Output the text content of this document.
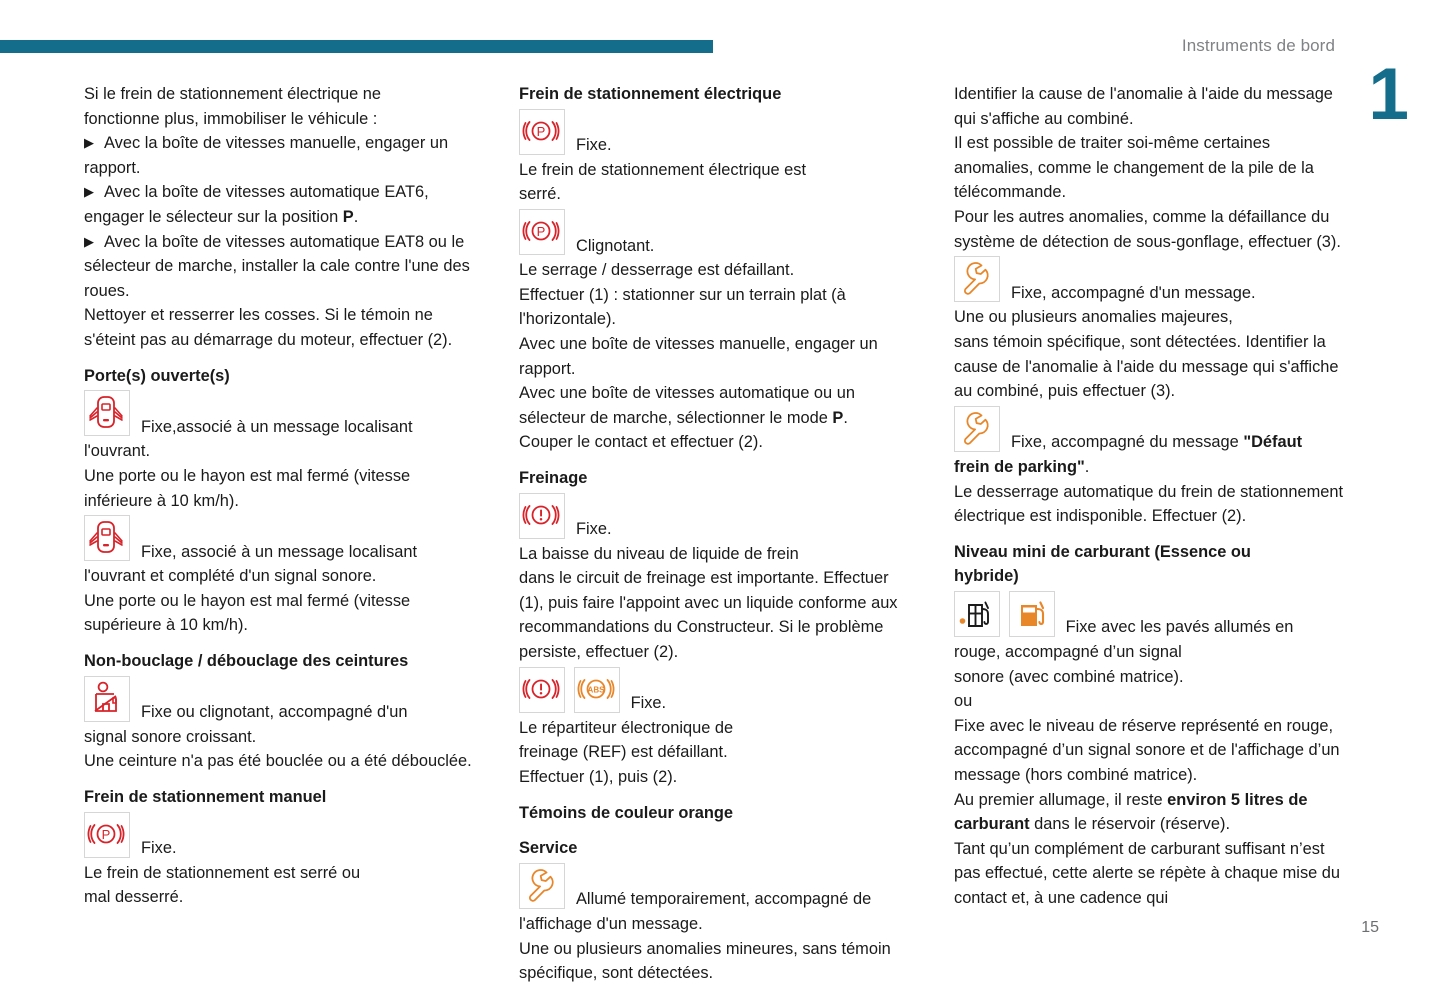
Instruments de bord
1

Si le frein de stationnement électrique ne

fonctionne plus, immobiliser le véhicule :

▶ Avec la boîte de vitesses manuelle, engager un rapport.

▶ Avec la boîte de vitesses automatique EAT6, engager le sélecteur sur la position P.

▶ Avec la boîte de vitesses automatique EAT8 ou le sélecteur de marche, installer la cale contre l'une des roues.

Nettoyer et resserrer les cosses. Si le témoin ne s'éteint pas au démarrage du moteur, effectuer (2).

Porte(s) ouverte(s)
Fixe,associé à un message localisant
l'ouvrant.

Une porte ou le hayon est mal fermé (vitesse inférieure à 10 km/h).

Fixe, associé à un message localisant
l'ouvrant et complété d'un signal sonore.

Une porte ou le hayon est mal fermé (vitesse supérieure à 10 km/h).

Non-bouclage / débouclage des ceintures
Fixe ou clignotant, accompagné d'un
signal sonore croissant.

Une ceinture n'a pas été bouclée ou a été débouclée.

Frein de stationnement manuel
P
Fixe.
Le frein de stationnement est serré ou

mal desserré.

Frein de stationnement électrique
P
Fixe.
Le frein de stationnement électrique est

serré.

P
Clignotant.
Le serrage / desserrage est défaillant.

Effectuer (1) : stationner sur un terrain plat (à l'horizontale).

Avec une boîte de vitesses manuelle, engager un rapport.

Avec une boîte de vitesses automatique ou un sélecteur de marche, sélectionner le mode P.

Couper le contact et effectuer (2).

Freinage
Fixe.
La baisse du niveau de liquide de frein

dans le circuit de freinage est importante. Effectuer (1), puis faire l'appoint avec un liquide conforme aux recommandations du Constructeur. Si le problème persiste, effectuer (2).

ABS
Fixe.
Le répartiteur électronique de

freinage (REF) est défaillant.

Effectuer (1), puis (2).

Témoins de couleur orange
Service
Allumé temporairement, accompagné de
l'affichage d'un message.

Une ou plusieurs anomalies mineures, sans témoin spécifique, sont détectées.

Identifier la cause de l'anomalie à l'aide du message qui s'affiche au combiné.

Il est possible de traiter soi-même certaines anomalies, comme le changement de la pile de la télécommande.

Pour les autres anomalies, comme la défaillance du système de détection de sous-gonflage, effectuer (3).

Fixe, accompagné d'un message.
Une ou plusieurs anomalies majeures,

sans témoin spécifique, sont détectées. Identifier la cause de l'anomalie à l'aide du message qui s'affiche au combiné, puis effectuer (3).

Fixe, accompagné du message "Défaut
frein de parking".

Le desserrage automatique du frein de stationnement électrique est indisponible. Effectuer (2).

Niveau mini de carburant (Essence ou
hybride)

Fixe avec les pavés allumés en
rouge, accompagné d’un signal

sonore (avec combiné matrice).

ou

Fixe avec le niveau de réserve représenté en rouge, accompagné d’un signal sonore et de l'affichage d’un message (hors combiné matrice).

Au premier allumage, il reste environ 5 litres de carburant dans le réservoir (réserve).

Tant qu’un complément de carburant suffisant n’est pas effectué, cette alerte se répète à chaque mise du contact et, à une cadence qui

15
